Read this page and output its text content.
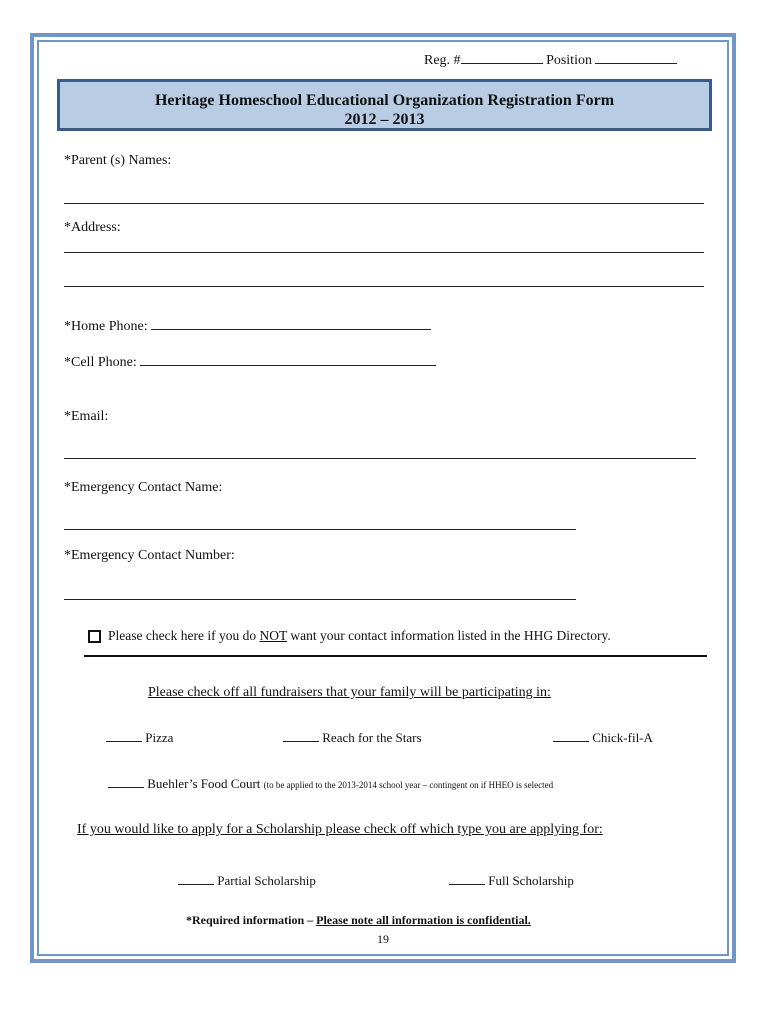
Reg. #	Position
Heritage Homeschool Educational Organization Registration Form
2012 – 2013
*Parent (s) Names:
*Address:
*Home Phone:
*Cell Phone:
*Email:
*Emergency Contact Name:
*Emergency Contact Number:
Please check here if you do NOT want your contact information listed in the HHG Directory.
Please check off all fundraisers that your family will be participating in:
Pizza	Reach for the Stars	Chick-fil-A
Buehler’s Food Court (to be applied to the 2013-2014 school year – contingent on if HHEO is selected
If you would like to apply for a Scholarship please check off which type you are applying for:
Partial Scholarship	Full Scholarship
*Required information – Please note all information is confidential.
19
